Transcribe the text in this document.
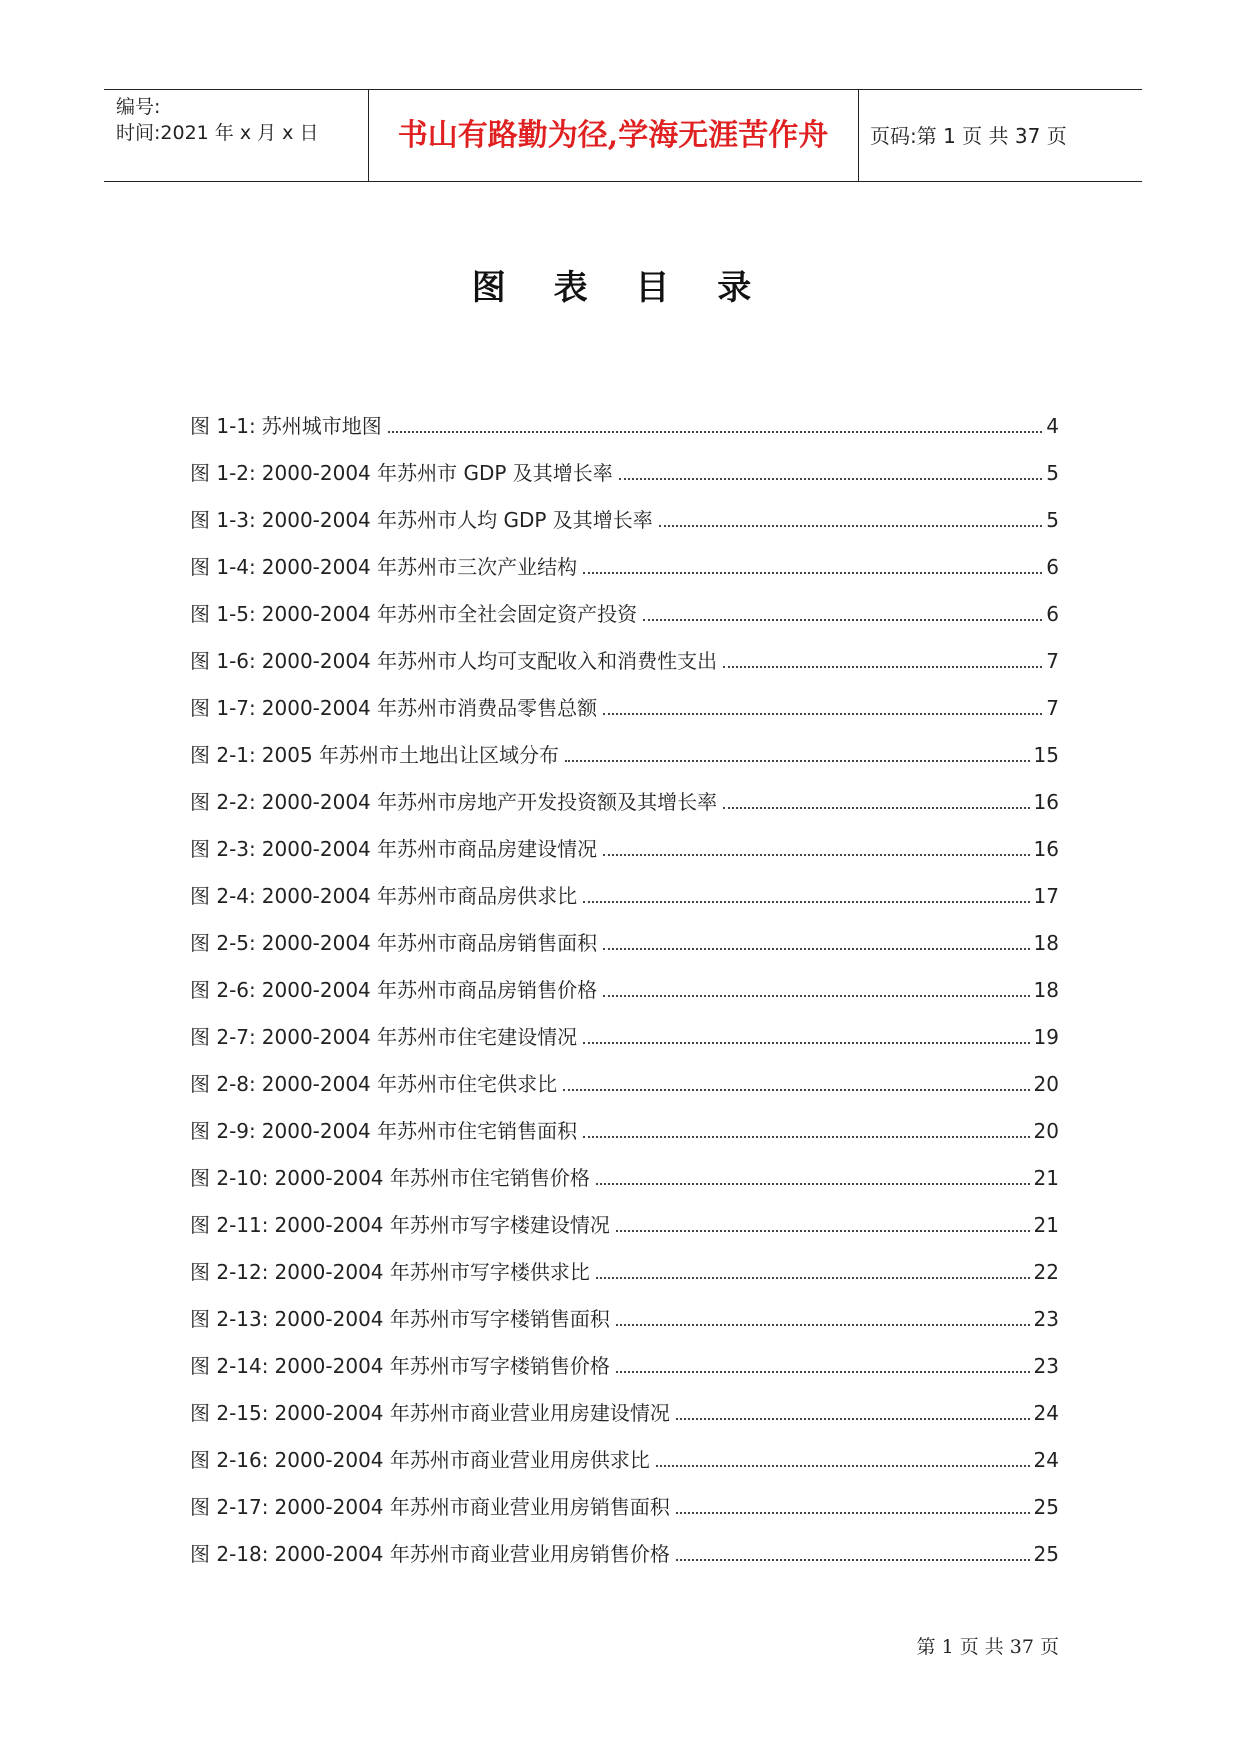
编号:
时间:2021 年 x 月 x 日	书山有路勤为径,学海无涯苦作舟	页码:第 1 页 共 37 页
图 表 目 录
图 1-1: 苏州城市地图	4
图 1-2: 2000-2004 年苏州市 GDP 及其增长率	5
图 1-3: 2000-2004 年苏州市人均 GDP 及其增长率	5
图 1-4: 2000-2004 年苏州市三次产业结构	6
图 1-5: 2000-2004 年苏州市全社会固定资产投资	6
图 1-6: 2000-2004 年苏州市人均可支配收入和消费性支出	7
图 1-7: 2000-2004 年苏州市消费品零售总额	7
图 2-1: 2005 年苏州市土地出让区域分布	15
图 2-2: 2000-2004 年苏州市房地产开发投资额及其增长率	16
图 2-3: 2000-2004 年苏州市商品房建设情况	16
图 2-4: 2000-2004 年苏州市商品房供求比	17
图 2-5: 2000-2004 年苏州市商品房销售面积	18
图 2-6: 2000-2004 年苏州市商品房销售价格	18
图 2-7: 2000-2004 年苏州市住宅建设情况	19
图 2-8: 2000-2004 年苏州市住宅供求比	20
图 2-9: 2000-2004 年苏州市住宅销售面积	20
图 2-10: 2000-2004 年苏州市住宅销售价格	21
图 2-11: 2000-2004 年苏州市写字楼建设情况	21
图 2-12: 2000-2004 年苏州市写字楼供求比	22
图 2-13: 2000-2004 年苏州市写字楼销售面积	23
图 2-14: 2000-2004 年苏州市写字楼销售价格	23
图 2-15: 2000-2004 年苏州市商业营业用房建设情况	24
图 2-16: 2000-2004 年苏州市商业营业用房供求比	24
图 2-17: 2000-2004 年苏州市商业营业用房销售面积	25
图 2-18: 2000-2004 年苏州市商业营业用房销售价格	25
第 1 页 共 37 页
